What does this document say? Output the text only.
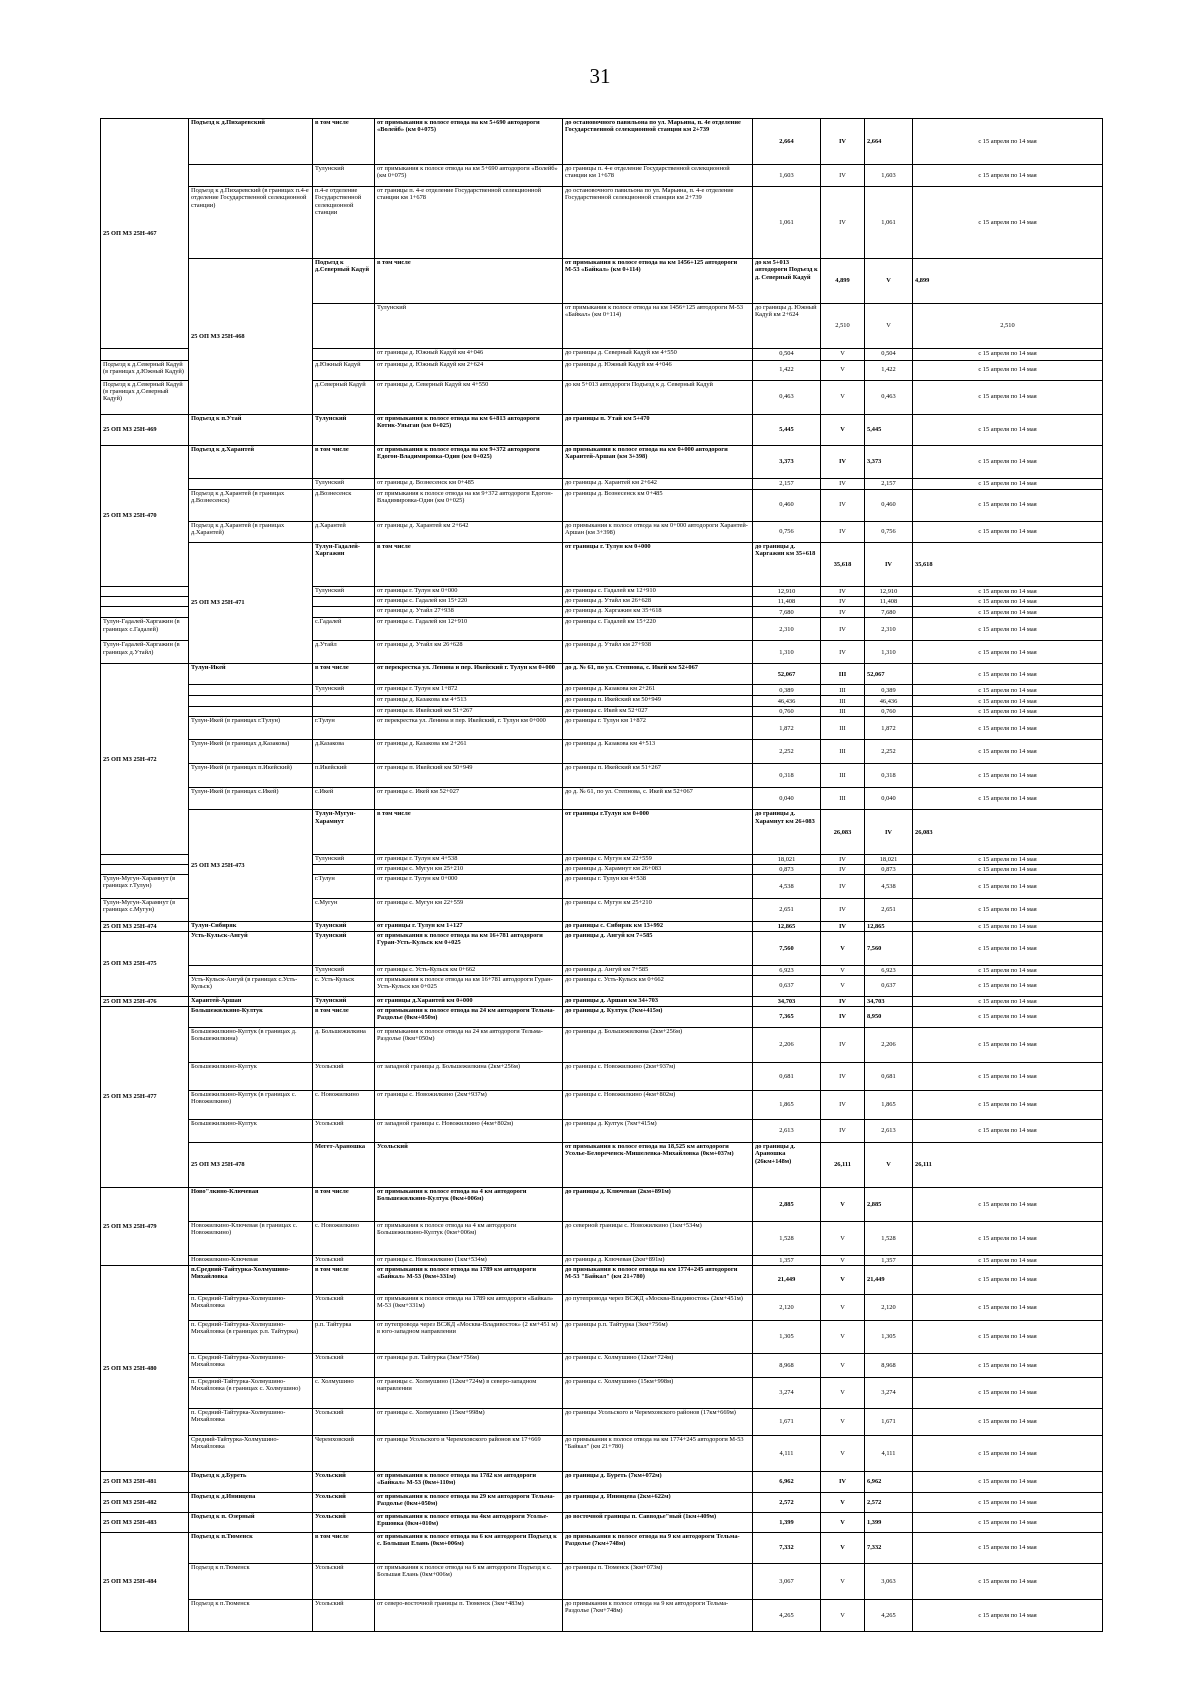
31
25 ОП МЗ 25Н-467	Подъезд к д.Пихаревский	в том числе	от примыкания к полосе отвода на км 5+690 автодороги «Волейб» (км 0+075)	до остановочного павильона по ул. Марьина, п. 4е отделение Государственной селекционной станции км 2+739	2,664	IV	2,664	с 15 апреля по 14 мая	
		Тулунский	от примыкания к полосе отвода на км 5+690 автодороги «Волейб» (км 0+075)	до границы п. 4-е отделение Государственной селекционной станции км 1+678	1,603	IV	1,603	с 15 апреля по 14 мая	
	Подъезд к д.Пихаревский (в границах п.4-е отделение Государственной селекционной станции)	п.4-е отделение Государственной селекционной станции	от границы п. 4-е отделение Государственной селекционной станции км 1+678	до остановочного павильона по ул. Марьина, п. 4-е отделение Государственной селекционной станции км 2+739	1,061	IV	1,061	с 15 апреля по 14 мая	
	25 ОП МЗ 25Н-468	Подъезд к д.Северный Кадуй	в том числе	от примыкания к полосе отвода на км 1456+125 автодороги М-53 «Байкал» (км 0+114)	до км 5+013 автодороги Подъезд к д. Северный Кадуй	4,899	V	4,899	
			Тулунский	от примыкания к полосе отвода на км 1456+125 автодороги М-53 «Байкал» (км 0+114)	до границы д. Южный Кадуй км 2+624	2,510	V	2,510	
			от границы д. Южный Кадуй км 4+046	до границы д. Северный Кадуй км 4+550	0,504	V	0,504	с 15 апреля по 14 мая	
Подъезд к д.Северный Кадуй (в границах д.Южный Кадуй)		д.Южный Кадуй	от границы д. Южный Кадуй км 2+624	до границы д. Южный Кадуй км 4+046	1,422	V	1,422	с 15 апреля по 14 мая	
Подъезд к д.Северный Кадуй (в границах д.Северный Кадуй)		д.Северный Кадуй	от границы д. Северный Кадуй км 4+550	до км 5+013 автодороги Подъезд к д. Северный Кадуй	0,463	V	0,463	с 15 апреля по 14 мая	
25 ОП МЗ 25Н-469	Подъезд к п.Утай	Тулунский	от примыкания к полосе отвода на км 6+813 автодороги Котик-Уяыган (км 0+025)	до границы п. Утай км 5+470	5,445	V	5,445	с 15 апреля по 14 мая	
25 ОП МЗ 25Н-470	Подъезд к д.Харантей	в том числе	от примыкания к полосе отвода на км 9+372 автодороги Едогон-Владимировка-Один (км 0+025)	до примыкания к полосе отвода на км 0+000 автодороги Харантей-Аршан (км 3+398)	3,373	IV	3,373	с 15 апреля по 14 мая	
		Тулунский	от границы д. Вознесенск км 0+485	до границы д. Харантей км 2+642	2,157	IV	2,157	с 15 апреля по 14 мая	
	Подъезд к д.Харантей (в границах д.Вознесенск)	д.Вознесенск	от примыкания к полосе отвода на км 9+372 автодороги Едогон-Владимировка-Один (км 0+025)	до границы д. Вознесенск км 0+485	0,460	IV	0,460	с 15 апреля по 14 мая	
	Подъезд к д.Харантей (в границах д.Харантей)	д.Харантей	от границы д. Харантей км 2+642	до примыкания к полосе отвода на км 0+000 автодороги Харантей-Аршан (км 3+398)	0,756	IV	0,756	с 15 апреля по 14 мая	
	25 ОП МЗ 25Н-471	Тулун-Гадалей-Харгажин	в том числе	от границы г. Тулун км 0+000	до границы д. Харгажин км 35+618	35,618	IV	35,618	
		Тулунский	от границы г. Тулун км 0+000	до границы с. Гадалей км 12+910	12,910	IV	12,910	с 15 апреля по 14 мая	
			от границы с. Гадалей км 15+220	до границы д. Утайл км 26+628	11,408	IV	11,408	с 15 апреля по 14 мая	
			от границы д. Утайл 27+938	до границы д. Харгажин км 35+618	7,680	IV	7,680	с 15 апреля по 14 мая	
Тулун-Гадалей-Харгажин (в границах с.Гадалей)		с.Гадалей	от границы с. Гадалей км 12+910	до границы с. Гадалей км 15+220	2,310	IV	2,310	с 15 апреля по 14 мая	
Тулун-Гадалей-Харгажин (в границах д.Утайл)		д.Утайл	от границы д. Утайл км 26+628	до границы д. Утайл км 27+938	1,310	IV	1,310	с 15 апреля по 14 мая	
25 ОП МЗ 25Н-472	Тулун-Икей	в том числе	от перекрестка ул. Ленина и пер. Икейский г. Тулун км 0+000	до д. № 61, по ул. Степнова, с. Икей км 52+067	52,067	III	52,067	с 15 апреля по 14 мая	
		Тулунский	от границы г. Тулун км 1+872	до границы д. Казакова км 2+261	0,389	III	0,389	с 15 апреля по 14 мая	
			от границы д. Казакова км 4+513	до границы п. Икейский км 50+949	46,436	III	46,436	с 15 апреля по 14 мая	
			от границы п. Икейский км 51+267	до границы с. Икей км 52+027	0,760	III	0,760	с 15 апреля по 14 мая	
	Тулун-Икей (в границах г.Тулун)	г.Тулун	от перекрестка ул. Ленина и пер. Икейский, г. Тулун км 0+000	до границы г. Тулун км 1+872	1,872	III	1,872	с 15 апреля по 14 мая	
	Тулун-Икей (в границах д.Казакова)	д.Казакова	от границы д. Казакова км 2+261	до границы д. Казакова км 4+513	2,252	III	2,252	с 15 апреля по 14 мая	
	Тулун-Икей (в границах п.Икейский)	п.Икейский	от границы п. Икейский км 50+949	до границы п. Икейский км 51+267	0,318	III	0,318	с 15 апреля по 14 мая	
	Тулун-Икей (в границах с.Икей)	с.Икей	от границы с. Икей км 52+027	до д. № 61, по ул. Степнова, с. Икей км 52+067	0,040	III	0,040	с 15 апреля по 14 мая	
	25 ОП МЗ 25Н-473	Тулун-Мугун-Харамнут	в том числе	от границы г.Тулун км 0+000	до границы д. Харамнут км 26+083	26,083	IV	26,083	
		Тулунский	от границы г. Тулун км 4+538	до границы с. Мугун км 22+559	18,021	IV	18,021	с 15 апреля по 14 мая	
			от границы с. Мугун км 25+210	до границы д. Харамнут км 26+083	0,873	IV	0,873	с 15 апреля по 14 мая	
Тулун-Мугун-Харамнут (в границах г.Тулун)		г.Тулун	от границы г. Тулун км 0+000	до границы г. Тулун км 4+538	4,538	IV	4,538	с 15 апреля по 14 мая	
Тулун-Мугун-Харамнут (в границах с.Мугун)		с.Мугун	от границы с. Мугун км 22+559	до границы с. Мугун км 25+210	2,651	IV	2,651	с 15 апреля по 14 мая	
25 ОП МЗ 25Н-474	Тулун-Сибиряк	Тулунский	от границы г. Тулун км 1+127	до границы с. Сибиряк км 13+992	12,865	IV	12,865	с 15 апреля по 14 мая	
25 ОП МЗ 25Н-475	Усть-Кульск-Ангуй	Тулунский	от примыкания к полосе отвода на км 16+781 автодороги Гуран-Усть-Кульск км 0+025	до границы д. Ангуй км 7+585	7,560	V	7,560	с 15 апреля по 14 мая	
		Тулунский	от границы с. Усть-Кульск км 0+662	до границы д. Ангуй км 7+585	6,923	V	6,923	с 15 апреля по 14 мая	
	Усть-Кульск-Ангуй (в границах с.Усть-Кульск)	с. Усть-Кульск	от примыкания к полосе отвода на км 16+781 автодороги Гуран-Усть-Кульск км 0+025	до границы с. Усть-Кульск км 0+662	0,637	V	0,637	с 15 апреля по 14 мая	
25 ОП МЗ 25Н-476	Харантей-Аршан	Тулунский	от границы д.Харантей км 0+000	до границы д. Аршан км 34+703	34,703	IV	34,703	с 15 апреля по 14 мая	
25 ОП МЗ 25Н-477	Большежилкино-Култук	в том числе	от примыкания к полосе отвода на 24 км автодороги Тельма-Раздолье (0км+050м)	до границы д. Култук (7км+415м)	7,365	IV	8,950	с 15 апреля по 14 мая	
	Большежилкино-Култук (в границах д. Большежилкина)	д. Большежилкина	от примыкания к полосе отвода на 24 км автодороги Тельма-Раздолье (0км+050м)	до границы д. Большежилкина (2км+256м)	2,206	IV	2,206	с 15 апреля по 14 мая	
	Большежилкино-Култук	Усольский	от западной границы д. Большежилкина (2км+256м)	до границы с. Новожилкино (2км+937м)	0,681	IV	0,681	с 15 апреля по 14 мая	
	Большежилкино-Култук (в границах с. Новожилкино)	с. Новожилкино	от границы с. Новожилкино (2км+937м)	до границы с. Новожилкино (4км+802м)	1,865	IV	1,865	с 15 апреля по 14 мая	
	Большежилкино-Култук	Усольский	от западной границы с. Новожилкино (4км+802м)	до границы д. Култук (7км+415м)	2,613	IV	2,613	с 15 апреля по 14 мая	
	25 ОП МЗ 25Н-478	Мегет-Араношка	Усольский	от примыкания к полосе отвода на 18,525 км автодороги Усолье-Белореченск-Мишелевка-Михайловка (0км+037м)	до границы д. Араношка (26км+148м)	26,111	V	26,111	
25 ОП МЗ 25Н-479	Ново"лкино-Ключевая	в том числе	от примыкания к полосе отвода на 4 км автодороги Большежилкино-Култук (0км+006м)	до границы д. Ключевая (2км+891м)	2,885	V	2,885	с 15 апреля по 14 мая	
	Новожилкино-Ключевая (в границах с. Новожилкино)	с. Новожилкино	от примыкания к полосе отвода на 4 км автодороги Большежилкино-Култук (0км+006м)	до северной границы с. Новожилкино (1км+534м)	1,528	V	1,528	с 15 апреля по 14 мая	
	Новожилкино-Ключевая	Усольский	от границы с. Новожилкино (1км+534м)	до границы д. Ключевая (2км+891м)	1,357	V	1,357	с 15 апреля по 14 мая	
25 ОП МЗ 25Н-480	п.Средний-Тайтурка-Холмушино-Михайловка	в том числе	от примыкания к полосе отвода на 1789 км автодороги «Байкал» М-53 (0км+331м)	до примыкания к полосе отвода на км 1774+245 автодороги М-53 "Байкал" (км 21+780)	21,449	V	21,449	с 15 апреля по 14 мая	
	п. Средний-Тайтурка-Холмушино-Михайловка	Усольский	от примыкания к полосе отвода на 1789 км автодороги «Байкал» М-53 (0км+331м)	до путепровода через ВСЖД «Москва-Владивосток» (2км+451м)	2,120	V	2,120	с 15 апреля по 14 мая	
	п. Средний-Тайтурка-Холмушино-Михайловка (в границах р.п. Тайтурка)	р.п. Тайтурка	от путепровода через ВСЖД «Москва-Владивосток» (2 км+451 м) в юго-западном направлении	до границы р.п. Тайтурка (3км+756м)	1,305	V	1,305	с 15 апреля по 14 мая	
	п. Средний-Тайтурка-Холмушино-Михайловка	Усольский	от границы р.п. Тайтурка (3км+756м)	до границы с. Холмушино (12км+724м)	8,968	V	8,968	с 15 апреля по 14 мая	
	п. Средний-Тайтурка-Холмушино-Михайловка (в границах с. Холмушино)	с. Холмушино	от границы с. Холмушино (12км+724м) в северо-западном направлении	до границы с. Холмушино (15км+998м)	3,274	V	3,274	с 15 апреля по 14 мая	
	п. Средний-Тайтурка-Холмушино-Михайловка	Усольский	от границы с. Холмушино (15км+998м)	до границы Усольского и Черемховского районов (17км+669м)	1,671	V	1,671	с 15 апреля по 14 мая	
	Средний-Тайтурка-Холмушино-Михайловка	Черемховский	от границы Усольского и Черемховского районов км 17+669	до примыкания к полосе отвода на км 1774+245 автодороги М-53 "Байкал" (км 21+780)	4,111	V	4,111	с 15 апреля по 14 мая	
25 ОП МЗ 25Н-481	Подъезд к д.Буреть	Усольский	от примыкания к полосе отвода на 1782 км автодороги «Байкал» М-53 (0км+110м)	до границы д. Буреть (7км+072м)	6,962	IV	6,962	с 15 апреля по 14 мая	
25 ОП МЗ 25Н-482	Подъезд к д.Иниицева	Усольский	от примыкания к полосе отвода на 29 км автодороги Тельма-Раздолье (0км+050м)	до границы д. Иниицева (2км+622м)	2,572	V	2,572	с 15 апреля по 14 мая	
25 ОП МЗ 25Н-483	Подъезд к п. Озерный	Усольский	от примыкания к полосе отвода на 4км автодороги Усолье-Ершовка (0км+010м)	до восточной границы п. Савводье"ный (1км+409м)	1,399	V	1,399	с 15 апреля по 14 мая	
25 ОП МЗ 25Н-484	Подъезд к п.Тюменск	в том числе	от примыкания к полосе отвода на 6 км автодороги Подъезд к с. Большая Елань (0км+006м)	до примыкания к полосе отвода на 9 км автодороги Тельма-Раздолье (7км+748м)	7,332	V	7,332	с 15 апреля по 14 мая	
	Подъезд к п.Тюменск	Усольский	от примыкания к полосе отвода на 6 км автодороги Подъезд к с. Большая Елань (0км+006м)	до границы п. Тюменск (3км+073м)	3,067	V	3,063	с 15 апреля по 14 мая	
	Подъезд к п.Тюменск	Усольский	от северо-восточной границы п. Тюменск (3км+483м)	до примыкания к полосе отвода на 9 км автодороги Тельма-Раздолье (7км+748м)	4,265	V	4,265	с 15 апреля по 14 мая	
